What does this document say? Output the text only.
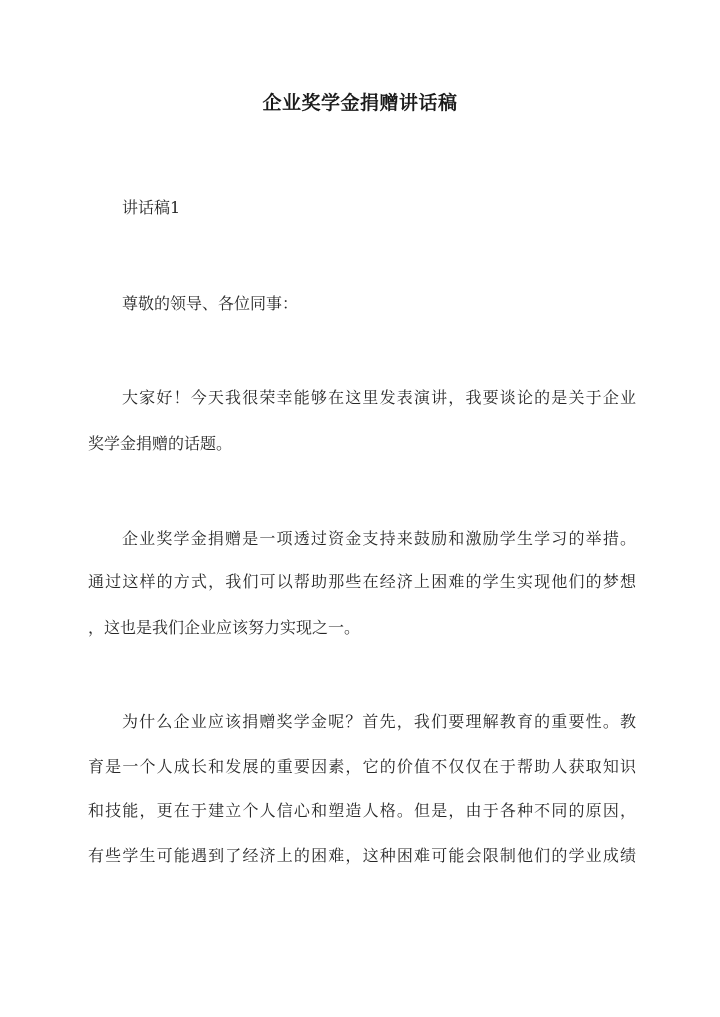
企业奖学金捐赠讲话稿

讲话稿1

尊敬的领导、各位同事：

大家好！今天我很荣幸能够在这里发表演讲，我要谈论的是关于企业

奖学金捐赠的话题。

企业奖学金捐赠是一项透过资金支持来鼓励和激励学生学习的举措。

通过这样的方式，我们可以帮助那些在经济上困难的学生实现他们的梦想

，这也是我们企业应该努力实现之一。

为什么企业应该捐赠奖学金呢？首先，我们要理解教育的重要性。教

育是一个人成长和发展的重要因素，它的价值不仅仅在于帮助人获取知识

和技能，更在于建立个人信心和塑造人格。但是，由于各种不同的原因，

有些学生可能遇到了经济上的困难，这种困难可能会限制他们的学业成绩
